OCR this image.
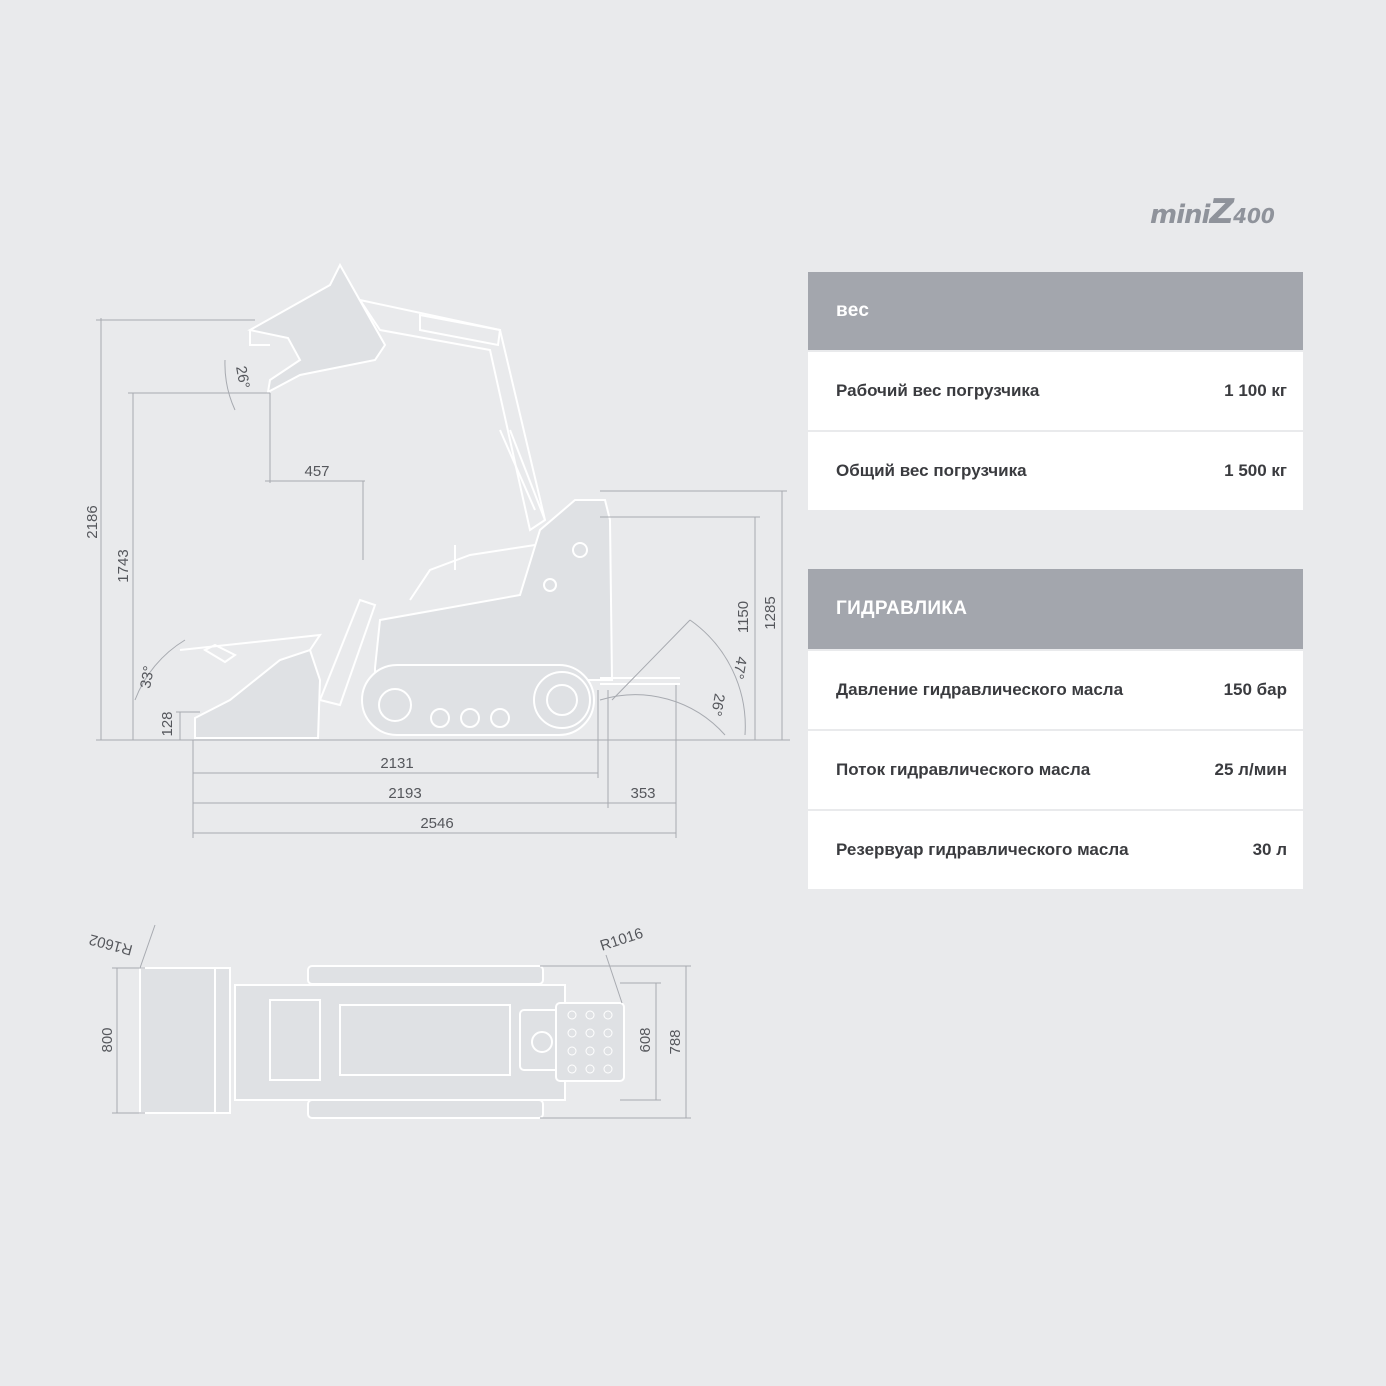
miniZ400
вес
Рабочий вес погрузчика	1 100 кг
Общий вес погрузчика	1 500 кг
ГИДРАВЛИКА
Давление гидравлического масла	150 бар
Поток гидравлического масла	25 л/мин
Резервуар гидравлического масла	30 л
2186
1743
128
1150 1285
457
2131
2193	353
2546
26°
33°	47°
26°
R1602	R1016
800	608 788
